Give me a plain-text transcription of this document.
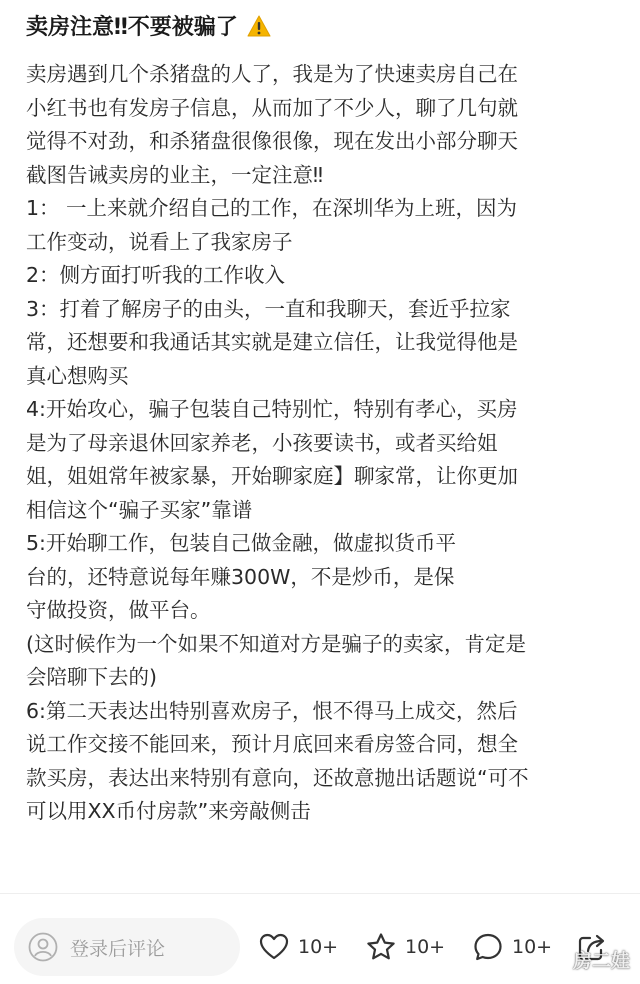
卖房注意‼不要被骗了
卖房遇到几个杀猪盘的人了，我是为了快速卖房自己在
小红书也有发房子信息，从而加了不少人，聊了几句就
觉得不对劲，和杀猪盘很像很像，现在发出小部分聊天
截图告诫卖房的业主，一定注意‼
1： 一上来就介绍自己的工作，在深圳华为上班，因为
工作变动，说看上了我家房子
2：侧方面打听我的工作收入
3：打着了解房子的由头，一直和我聊天，套近乎拉家
常，还想要和我通话其实就是建立信任，让我觉得他是
真心想购买
4:开始攻心，骗子包装自己特别忙，特别有孝心，买房
是为了母亲退休回家养老，小孩要读书，或者买给姐
姐，姐姐常年被家暴，开始聊家庭】聊家常，让你更加
相信这个“骗子买家”靠谱
5:开始聊工作，包装自己做金融，做虚拟货币平
台的，还特意说每年赚300W，不是炒币，是保
守做投资，做平台。
(这时候作为一个如果不知道对方是骗子的卖家，肯定是
会陪聊下去的)
6:第二天表达出特别喜欢房子，恨不得马上成交，然后
说工作交接不能回来，预计月底回来看房签合同，想全
款买房，表达出来特别有意向，还故意抛出话题说“可不
可以用XX币付房款”来旁敲侧击
登录后评论	10+	10+	10+
房二娃
